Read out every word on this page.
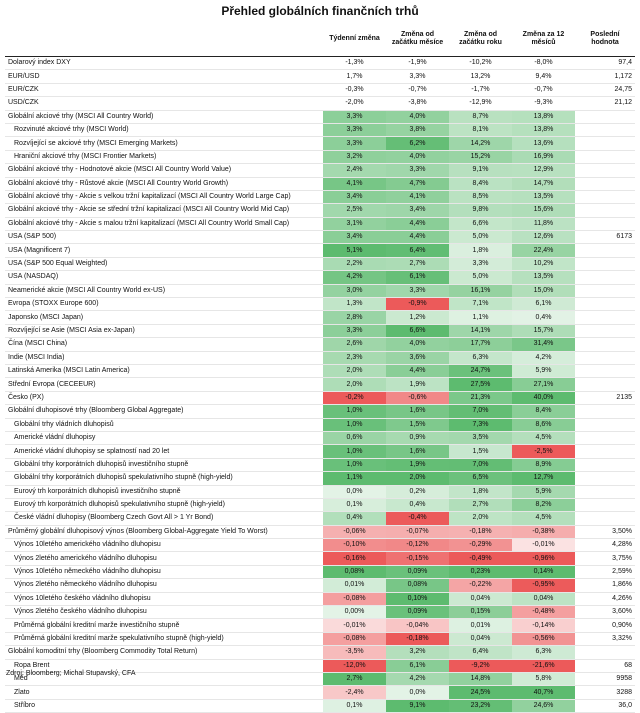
Přehled globálních finančních trhů
	Týdenní změna	Změna od začátku měsíce	Změna od začátku roku	Změna za 12 měsíců	Poslední hodnota
Dolarový index DXY	-1,3%	-1,9%	-10,2%	-8,0%	97,4
EUR/USD	1,7%	3,3%	13,2%	9,4%	1,172
EUR/CZK	-0,3%	-0,7%	-1,7%	-0,7%	24,75
USD/CZK	-2,0%	-3,8%	-12,9%	-9,3%	21,12
Globální akciové trhy (MSCI All Country World)	3,3%	4,0%	8,7%	13,8%	
Rozvinuté akciové trhy (MSCI World)	3,3%	3,8%	8,1%	13,8%	
Rozvíjející se akciové trhy (MSCI Emerging Markets)	3,3%	6,2%	14,2%	13,6%	
Hraniční akciové trhy (MSCI Frontier Markets)	3,2%	4,0%	15,2%	16,9%	
Globální akciové trhy - Hodnotové akcie (MSCI All Country World Value)	2,4%	3,3%	9,1%	12,9%	
Globální akciové trhy - Růstové akcie (MSCI All Country World Growth)	4,1%	4,7%	8,4%	14,7%	
Globální akciové trhy - Akcie s velkou tržní kapitalizací (MSCI All Country World Large Cap)	3,4%	4,1%	8,5%	13,5%	
Globální akciové trhy - Akcie se střední tržní kapitalizací (MSCI All Country World Mid Cap)	2,5%	3,4%	9,8%	15,6%	
Globální akciové trhy - Akcie s malou tržní kapitalizací (MSCI All Country World Small Cap)	3,1%	4,4%	6,6%	11,8%	
USA (S&P 500)	3,4%	4,4%	5,0%	12,6%	6173
USA (Magnificent 7)	5,1%	6,4%	1,8%	22,4%	
USA (S&P 500 Equal Weighted)	2,2%	2,7%	3,3%	10,2%	
USA (NASDAQ)	4,2%	6,1%	5,0%	13,5%	
Neamerické akcie (MSCI All Country World ex-US)	3,0%	3,3%	16,1%	15,0%	
Evropa (STOXX Europe 600)	1,3%	-0,9%	7,1%	6,1%	
Japonsko (MSCI Japan)	2,8%	1,2%	1,1%	0,4%	
Rozvíjející se Asie (MSCI Asia ex-Japan)	3,3%	6,6%	14,1%	15,7%	
Čína (MSCI China)	2,6%	4,0%	17,7%	31,4%	
Indie (MSCI India)	2,3%	3,6%	6,3%	4,2%	
Latinská Amerika (MSCI Latin America)	2,0%	4,4%	24,7%	5,9%	
Střední Evropa (CECEEUR)	2,0%	1,9%	27,5%	27,1%	
Česko (PX)	-0,2%	-0,6%	21,3%	40,0%	2135
Globální dluhopisové trhy (Bloomberg Global Aggregate)	1,0%	1,6%	7,0%	8,4%	
Globální trhy vládních dluhopisů	1,0%	1,5%	7,3%	8,6%	
Americké vládní dluhopisy	0,6%	0,9%	3,5%	4,5%	
Americké vládní dluhopisy se splatností nad 20 let	1,0%	1,6%	1,5%	-2,5%	
Globální trhy korporátních dluhopisů investičního stupně	1,0%	1,9%	7,0%	8,9%	
Globální trhy korporátních dluhopisů spekulativního stupně (high-yield)	1,1%	2,0%	6,5%	12,7%	
Eurový trh korporátních dluhopisů investičního stupně	0,0%	0,2%	1,8%	5,9%	
Eurový trh korporátních dluhopisů spekulativního stupně (high-yield)	0,1%	0,4%	2,7%	8,2%	
České vládní dluhopisy (Bloomberg Czech Govt All > 1 Yr Bond)	0,4%	-0,4%	2,0%	4,5%	
Průměrný globální dluhopisový výnos (Bloomberg Global-Aggregate Yield To Worst)	-0,06%	-0,07%	-0,18%	-0,38%	3,50%
Výnos 10letého amerického vládního dluhopisu	-0,10%	-0,12%	-0,29%	-0,01%	4,28%
Výnos 2letého amerického vládního dluhopisu	-0,16%	-0,15%	-0,49%	-0,96%	3,75%
Výnos 10letého německého vládního dluhopisu	0,08%	0,09%	0,23%	0,14%	2,59%
Výnos 2letého německého vládního dluhopisu	0,01%	0,08%	-0,22%	-0,95%	1,86%
Výnos 10letého českého vládního dluhopisu	-0,08%	0,10%	0,04%	0,04%	4,26%
Výnos 2letého českého vládního dluhopisu	0,00%	0,09%	0,15%	-0,48%	3,60%
Průměrná globální kreditní marže investičního stupně	-0,01%	-0,04%	0,01%	-0,14%	0,90%
Průměrná globální kreditní marže spekulativního stupně (high-yield)	-0,08%	-0,18%	0,04%	-0,56%	3,32%
Globální komoditní trhy (Bloomberg Commodity Total Return)	-3,5%	3,2%	6,4%	6,3%	
Ropa Brent	-12,0%	6,1%	-9,2%	-21,6%	68
Měď	2,7%	4,2%	14,8%	5,8%	9958
Zlato	-2,4%	0,0%	24,5%	40,7%	3288
Stříbro	0,1%	9,1%	23,2%	24,6%	36,0
Zdroj: Bloomberg; Michal Stupavský, CFA
